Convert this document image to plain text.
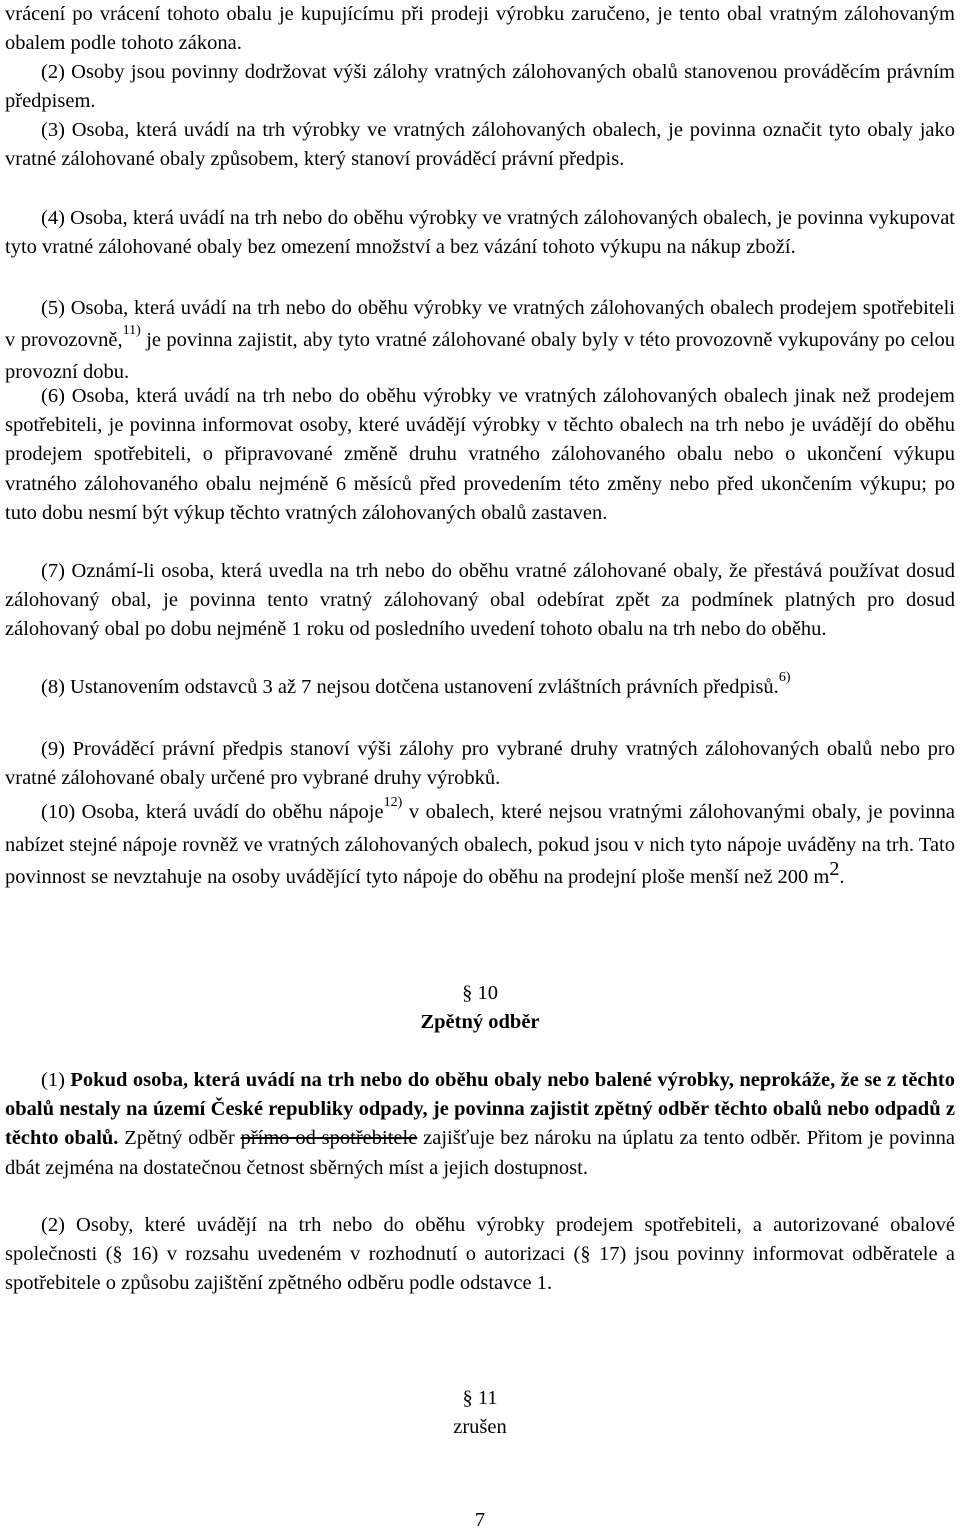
vrácení po vrácení tohoto obalu je kupujícímu při prodeji výrobku zaručeno, je tento obal vratným zálohovaným obalem podle tohoto zákona.

(2) Osoby jsou povinny dodržovat výši zálohy vratných zálohovaných obalů stanovenou prováděcím právním předpisem.

(3) Osoba, která uvádí na trh výrobky ve vratných zálohovaných obalech, je povinna označit tyto obaly jako vratné zálohované obaly způsobem, který stanoví prováděcí právní předpis.

(4) Osoba, která uvádí na trh nebo do oběhu výrobky ve vratných zálohovaných obalech, je povinna vykupovat tyto vratné zálohované obaly bez omezení množství a bez vázání tohoto výkupu na nákup zboží.

(5) Osoba, která uvádí na trh nebo do oběhu výrobky ve vratných zálohovaných obalech prodejem spotřebiteli v provozovně,$^{11)}$ je povinna zajistit, aby tyto vratné zálohované obaly byly v této provozovně vykupovány po celou provozní dobu.

(6) Osoba, která uvádí na trh nebo do oběhu výrobky ve vratných zálohovaných obalech jinak než prodejem spotřebiteli, je povinna informovat osoby, které uvádějí výrobky v těchto obalech na trh nebo je uvádějí do oběhu prodejem spotřebiteli, o připravované změně druhu vratného zálohovaného obalu nebo o ukončení výkupu vratného zálohovaného obalu nejméně 6 měsíců před provedením této změny nebo před ukončením výkupu; po tuto dobu nesmí být výkup těchto vratných zálohovaných obalů zastaven.

(7) Oznámí-li osoba, která uvedla na trh nebo do oběhu vratné zálohované obaly, že přestává používat dosud zálohovaný obal, je povinna tento vratný zálohovaný obal odebírat zpět za podmínek platných pro dosud zálohovaný obal po dobu nejméně 1 roku od posledního uvedení tohoto obalu na trh nebo do oběhu.

(8) Ustanovením odstavců 3 až 7 nejsou dotčena ustanovení zvláštních právních předpisů.$^{6)}$

(9) Prováděcí právní předpis stanoví výši zálohy pro vybrané druhy vratných zálohovaných obalů nebo pro vratné zálohované obaly určené pro vybrané druhy výrobků.

(10) Osoba, která uvádí do oběhu nápoje$^{12)}$ v obalech, které nejsou vratnými zálohovanými obaly, je povinna nabízet stejné nápoje rovněž ve vratných zálohovaných obalech, pokud jsou v nich tyto nápoje uváděny na trh. Tato povinnost se nevztahuje na osoby uvádějící tyto nápoje do oběhu na prodejní ploše menší než 200 $m^2$.

§ 10
Zpětný odběr

(1) Pokud osoba, která uvádí na trh nebo do oběhu obaly nebo balené výrobky, neprokáže, že se z těchto obalů nestaly na území České republiky odpady, je povinna zajistit zpětný odběr těchto obalů nebo odpadů z těchto obalů. Zpětný odběr přímo od spotřebitele zajišťuje bez nároku na úplatu za tento odběr. Přitom je povinna dbát zejména na dostatečnou četnost sběrných míst a jejich dostupnost.

(2) Osoby, které uvádějí na trh nebo do oběhu výrobky prodejem spotřebiteli, a autorizované obalové společnosti (§ 16) v rozsahu uvedeném v rozhodnutí o autorizaci (§ 17) jsou povinny informovat odběratele a spotřebitele o způsobu zajištění zpětného odběru podle odstavce 1.

§ 11
zrušen
7
